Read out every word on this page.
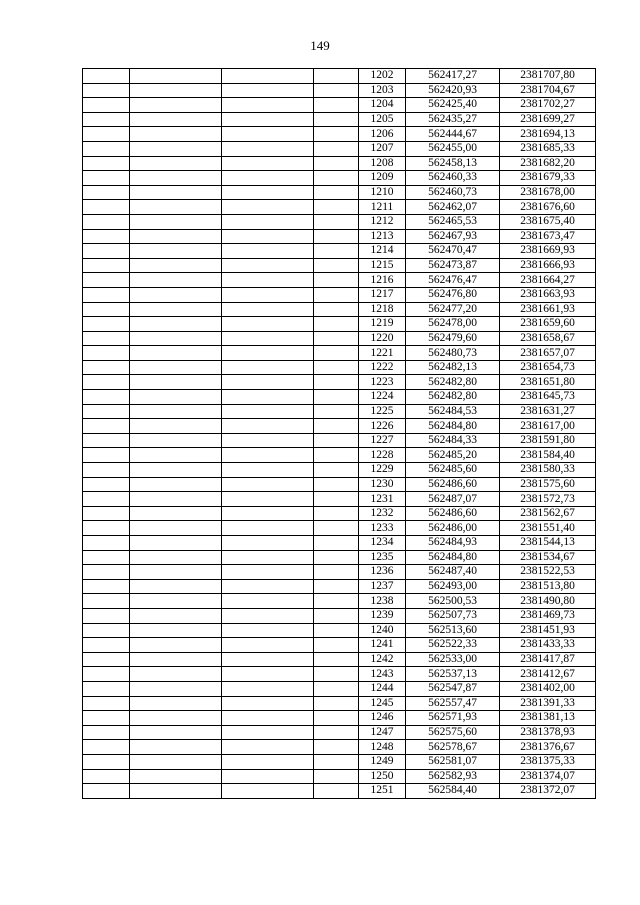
149
				1202	562417,27	2381707,80
				1203	562420,93	2381704,67
				1204	562425,40	2381702,27
				1205	562435,27	2381699,27
				1206	562444,67	2381694,13
				1207	562455,00	2381685,33
				1208	562458,13	2381682,20
				1209	562460,33	2381679,33
				1210	562460,73	2381678,00
				1211	562462,07	2381676,60
				1212	562465,53	2381675,40
				1213	562467,93	2381673,47
				1214	562470,47	2381669,93
				1215	562473,87	2381666,93
				1216	562476,47	2381664,27
				1217	562476,80	2381663,93
				1218	562477,20	2381661,93
				1219	562478,00	2381659,60
				1220	562479,60	2381658,67
				1221	562480,73	2381657,07
				1222	562482,13	2381654,73
				1223	562482,80	2381651,80
				1224	562482,80	2381645,73
				1225	562484,53	2381631,27
				1226	562484,80	2381617,00
				1227	562484,33	2381591,80
				1228	562485,20	2381584,40
				1229	562485,60	2381580,33
				1230	562486,60	2381575,60
				1231	562487,07	2381572,73
				1232	562486,60	2381562,67
				1233	562486,00	2381551,40
				1234	562484,93	2381544,13
				1235	562484,80	2381534,67
				1236	562487,40	2381522,53
				1237	562493,00	2381513,80
				1238	562500,53	2381490,80
				1239	562507,73	2381469,73
				1240	562513,60	2381451,93
				1241	562522,33	2381433,33
				1242	562533,00	2381417,87
				1243	562537,13	2381412,67
				1244	562547,87	2381402,00
				1245	562557,47	2381391,33
				1246	562571,93	2381381,13
				1247	562575,60	2381378,93
				1248	562578,67	2381376,67
				1249	562581,07	2381375,33
				1250	562582,93	2381374,07
				1251	562584,40	2381372,07
